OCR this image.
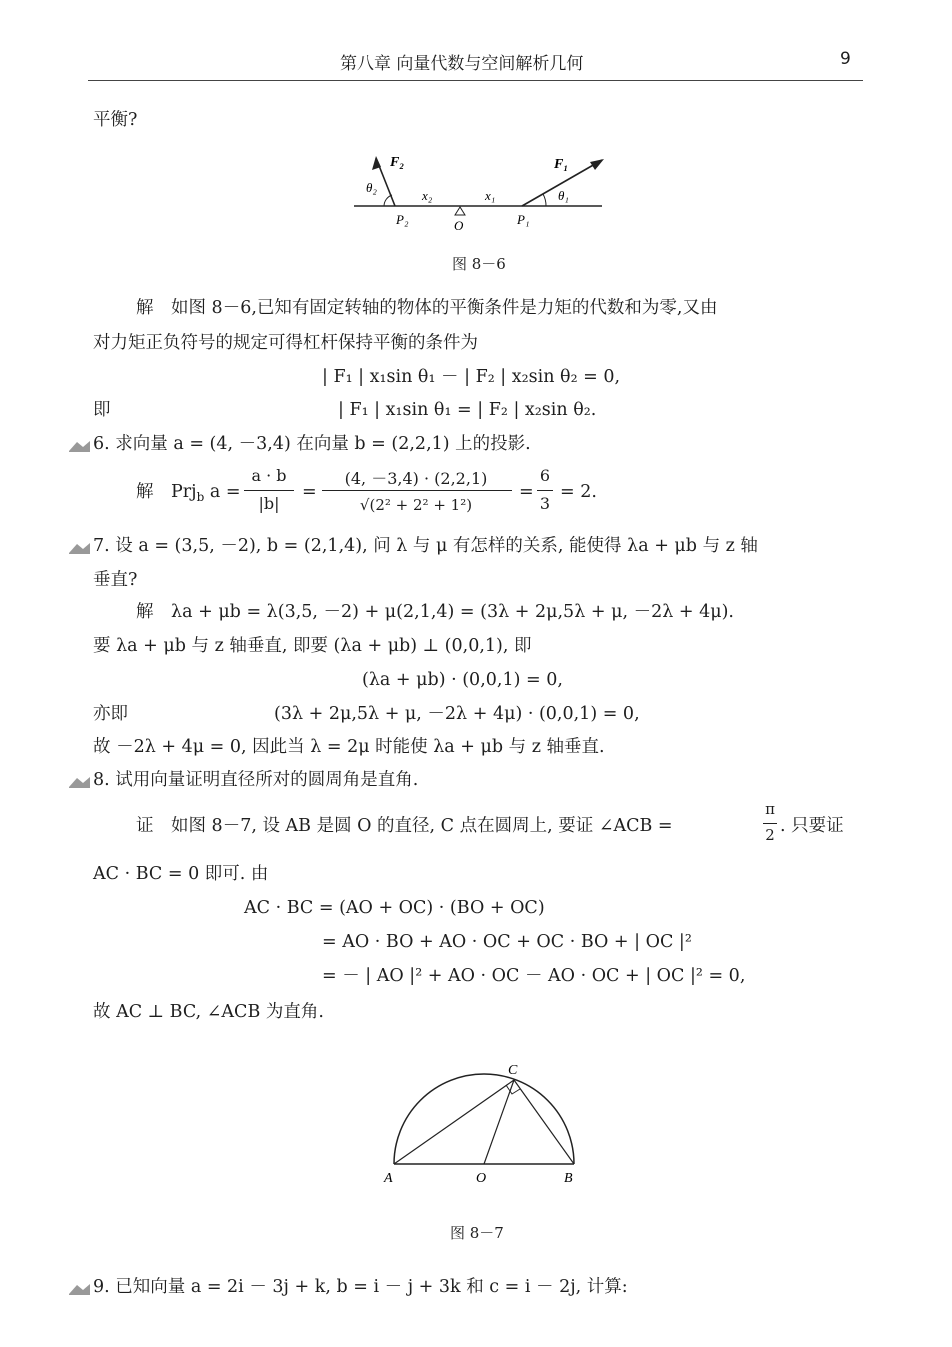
第八章 向量代数与空间解析几何	9
平衡?
F₂	F₁
θ₂
θ₁
x₂	x₁
P₂	P₁
O
图 8－6
解　如图 8－6,已知有固定转轴的物体的平衡条件是力矩的代数和为零,又由
对力矩正负符号的规定可得杠杆保持平衡的条件为
| F₁ | x₁sin θ₁ － | F₂ | x₂sin θ₂ = 0,
即	| F₁ | x₁sin θ₁ = | F₂ | x₂sin θ₂.
6. 求向量 a = (4, －3,4) 在向量 b = (2,2,1) 上的投影.
解　Prj$_b$ a =
a · b
|b|
=
(4, －3,4) · (2,2,1)
√(2² + 2² + 1²)
=
6
3
= 2.
7. 设 a = (3,5, －2), b = (2,1,4), 问 λ 与 μ 有怎样的关系, 能使得 λa + μb 与 z 轴
垂直?
解　λa + μb = λ(3,5, －2) + μ(2,1,4) = (3λ + 2μ,5λ + μ, －2λ + 4μ).
要 λa + μb 与 z 轴垂直, 即要 (λa + μb) ⊥ (0,0,1), 即
(λa + μb) · (0,0,1) = 0,
亦即	(3λ + 2μ,5λ + μ, －2λ + 4μ) · (0,0,1) = 0,
故 －2λ + 4μ = 0, 因此当 λ = 2μ 时能使 λa + μb 与 z 轴垂直.
8. 试用向量证明直径所对的圆周角是直角.
证　如图 8－7, 设 AB 是圆 O 的直径, C 点在圆周上, 要证 ∠ACB =
π
2 . 只要证
AC · BC = 0 即可. 由
AC · BC = (AO + OC) · (BO + OC)
= AO · BO + AO · OC + OC · BO + | OC |²
= － | AO |² + AO · OC － AO · OC + | OC |² = 0,
故 AC ⊥ BC, ∠ACB 为直角.
A	O	B
C
图 8－7
9. 已知向量 a = 2i － 3j + k, b = i － j + 3k 和 c = i － 2j, 计算:
